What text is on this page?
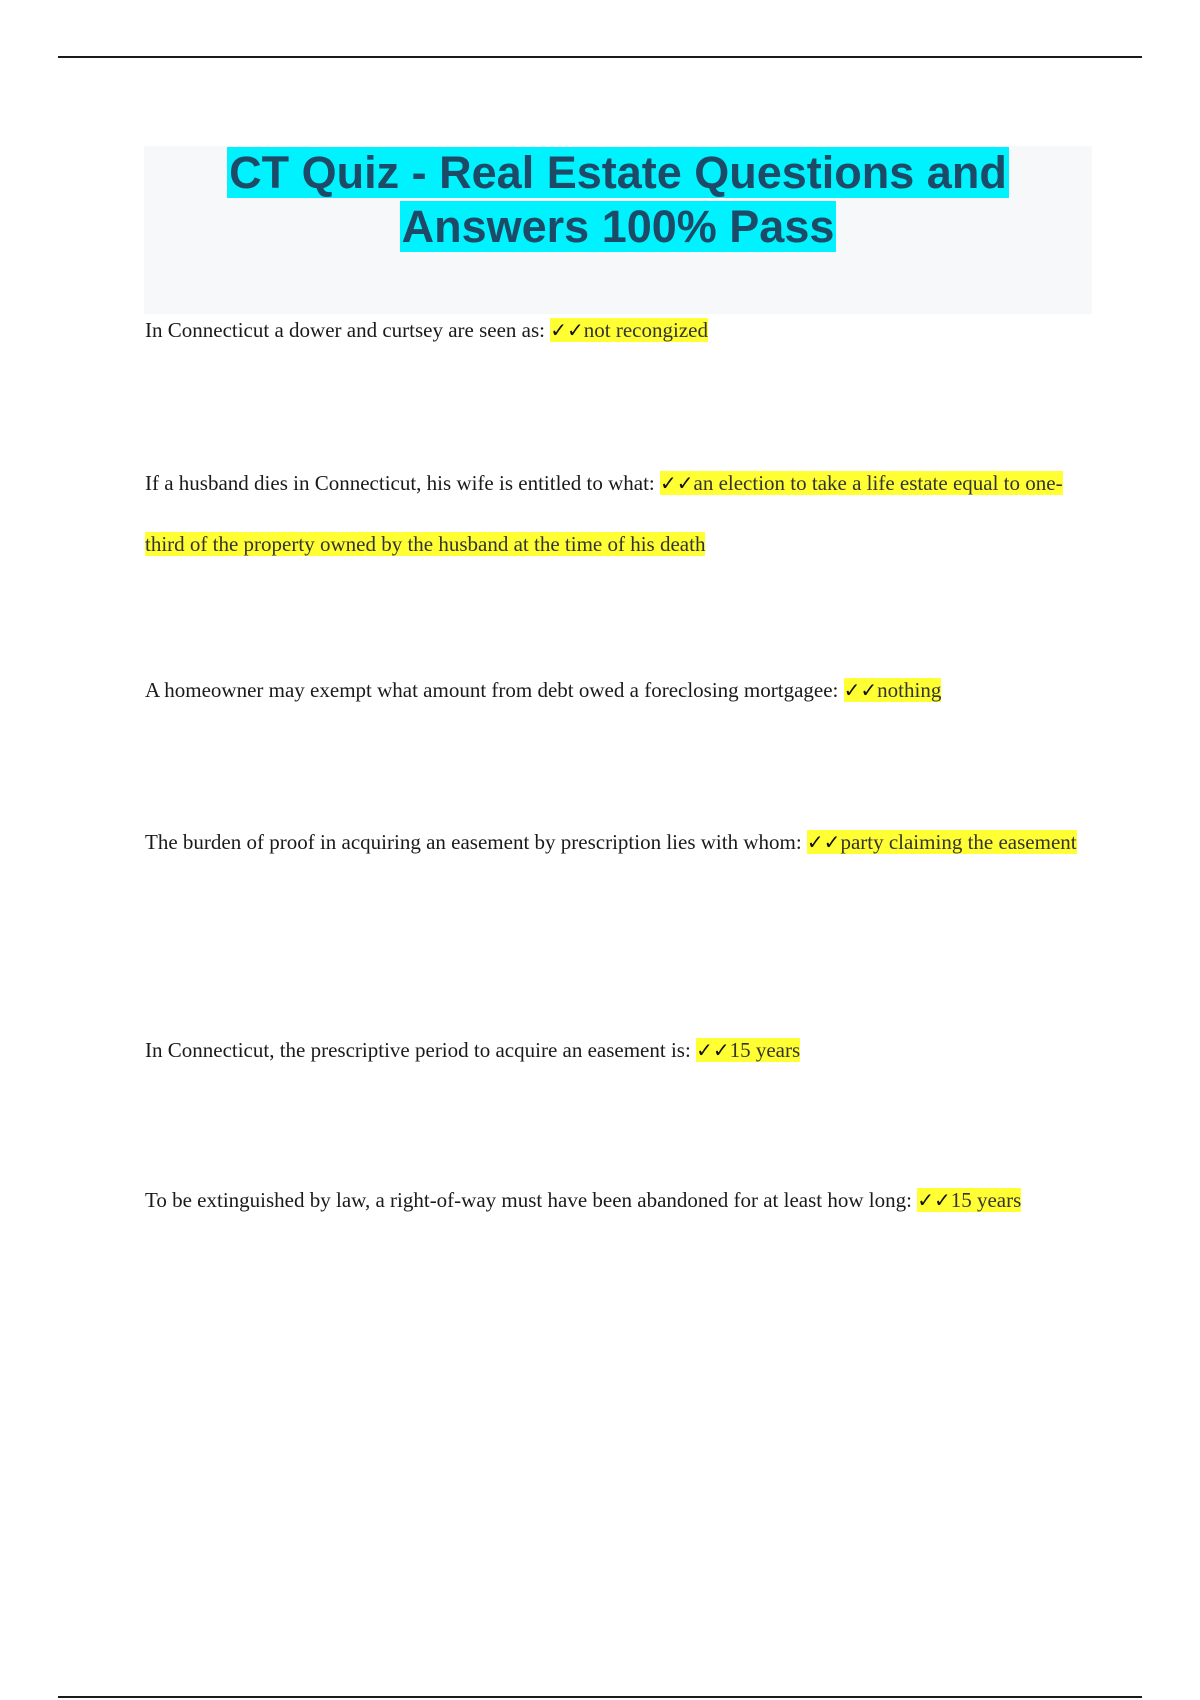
CT Quiz - Real Estate Questions and
Answers 100% Pass

In Connecticut a dower and curtsey are seen as: ✓✓not recongized

If a husband dies in Connecticut, his wife is entitled to what: ✓✓an election to take a life estate equal to one-third of the property owned by the husband at the time of his death

A homeowner may exempt what amount from debt owed a foreclosing mortgagee: ✓✓nothing

The burden of proof in acquiring an easement by prescription lies with whom: ✓✓party claiming the easement

In Connecticut, the prescriptive period to acquire an easement is: ✓✓15 years

To be extinguished by law, a right-of-way must have been abandoned for at least how long: ✓✓15 years
